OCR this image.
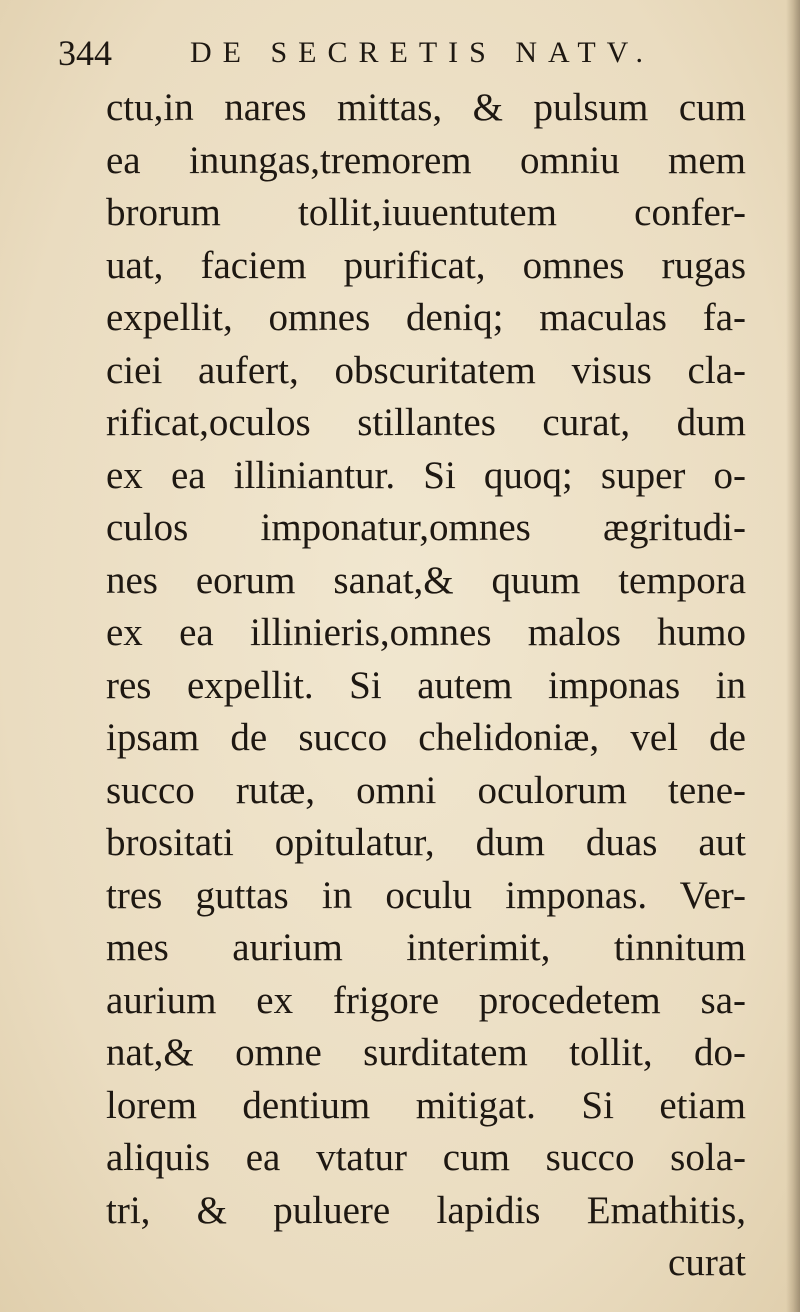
344	DE SECRETIS NATV.
ctu,in nares mittas, & pulsum cum
ea inungas,tremorem omniu mem
brorum tollit,iuuentutem confer-
uat, faciem purificat, omnes rugas
expellit, omnes deniq; maculas fa-
ciei aufert, obscuritatem visus cla-
rificat,oculos stillantes curat, dum
ex ea illiniantur. Si quoq; super o-
culos imponatur,omnes ægritudi-
nes eorum sanat,& quum tempora
ex ea illinieris,omnes malos humo
res expellit. Si autem imponas in
ipsam de succo chelidoniæ, vel de
succo rutæ, omni oculorum tene-
brositati opitulatur, dum duas aut
tres guttas in oculu imponas. Ver-
mes aurium interimit, tinnitum
aurium ex frigore procedetem sa-
nat,& omne surditatem tollit, do-
lorem dentium mitigat. Si etiam
aliquis ea vtatur cum succo sola-
tri, & puluere lapidis Emathitis,
curat
